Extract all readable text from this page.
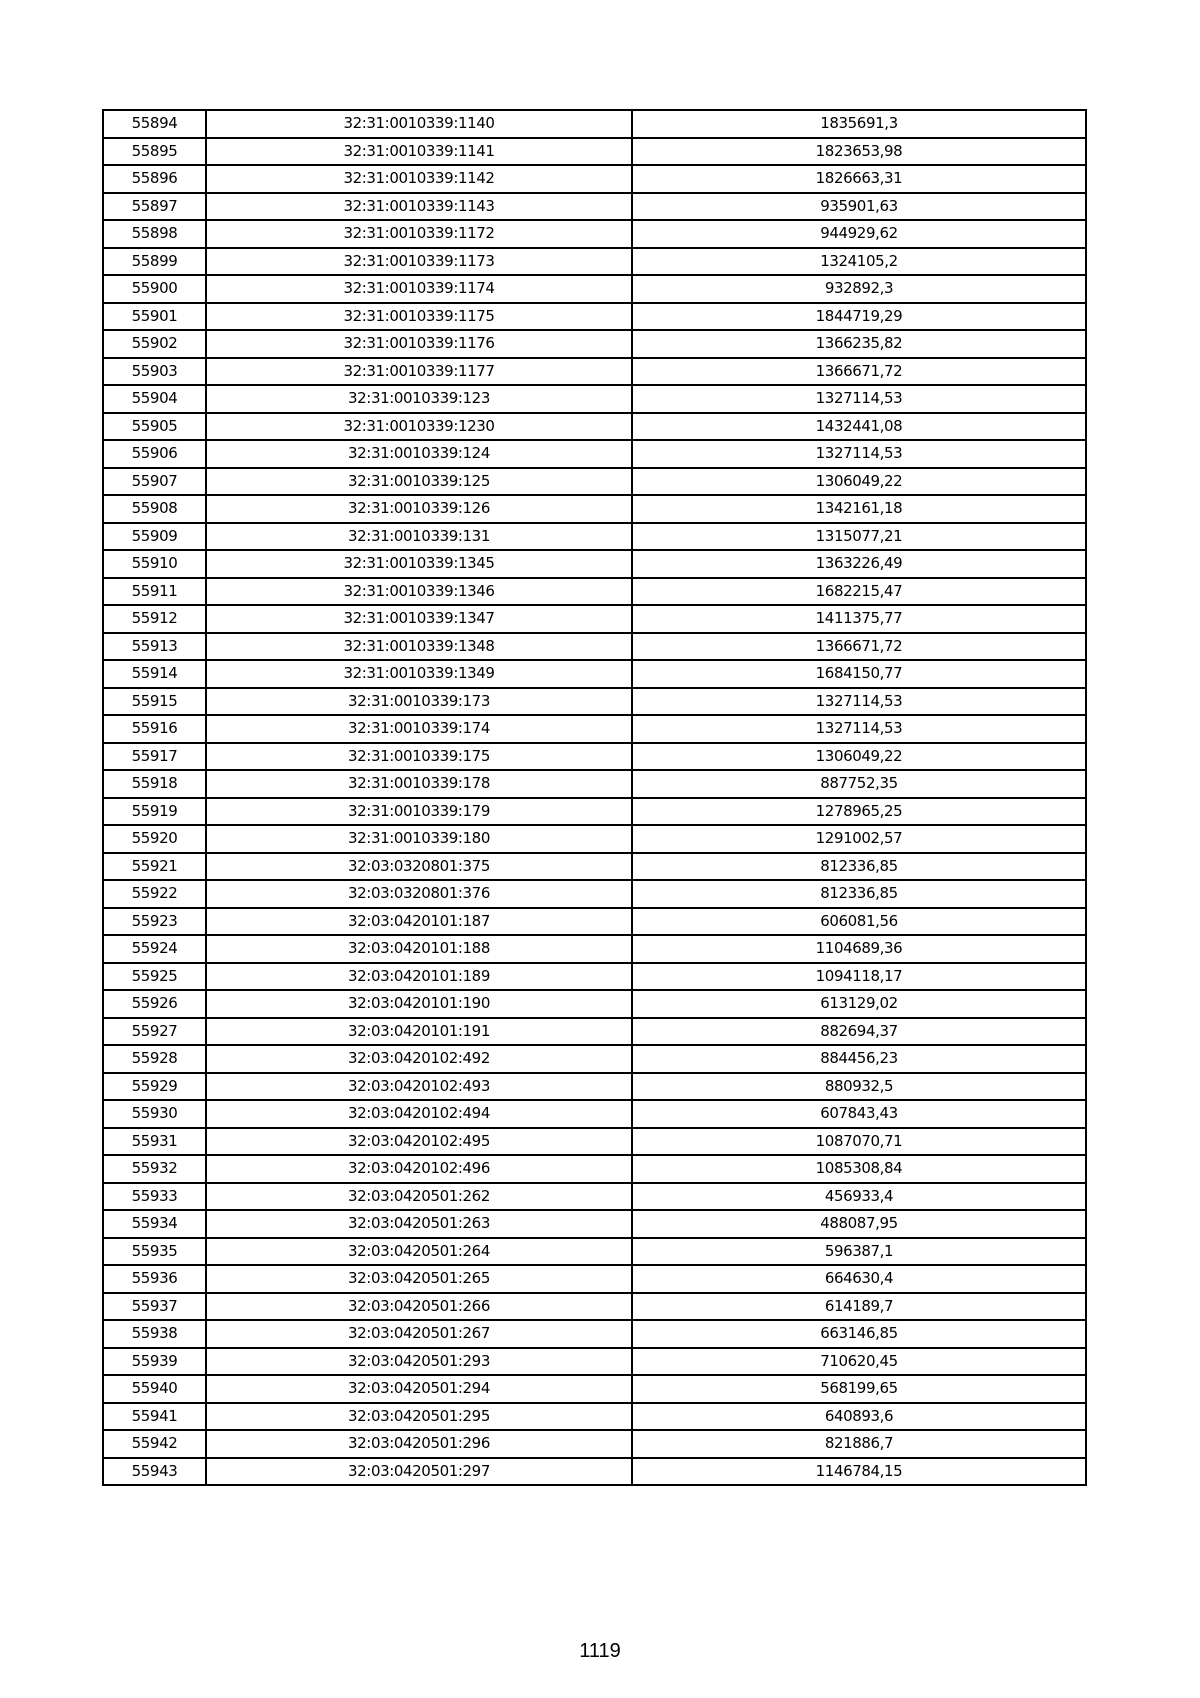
55894	32:31:0010339:1140	1835691,3
55895	32:31:0010339:1141	1823653,98
55896	32:31:0010339:1142	1826663,31
55897	32:31:0010339:1143	935901,63
55898	32:31:0010339:1172	944929,62
55899	32:31:0010339:1173	1324105,2
55900	32:31:0010339:1174	932892,3
55901	32:31:0010339:1175	1844719,29
55902	32:31:0010339:1176	1366235,82
55903	32:31:0010339:1177	1366671,72
55904	32:31:0010339:123	1327114,53
55905	32:31:0010339:1230	1432441,08
55906	32:31:0010339:124	1327114,53
55907	32:31:0010339:125	1306049,22
55908	32:31:0010339:126	1342161,18
55909	32:31:0010339:131	1315077,21
55910	32:31:0010339:1345	1363226,49
55911	32:31:0010339:1346	1682215,47
55912	32:31:0010339:1347	1411375,77
55913	32:31:0010339:1348	1366671,72
55914	32:31:0010339:1349	1684150,77
55915	32:31:0010339:173	1327114,53
55916	32:31:0010339:174	1327114,53
55917	32:31:0010339:175	1306049,22
55918	32:31:0010339:178	887752,35
55919	32:31:0010339:179	1278965,25
55920	32:31:0010339:180	1291002,57
55921	32:03:0320801:375	812336,85
55922	32:03:0320801:376	812336,85
55923	32:03:0420101:187	606081,56
55924	32:03:0420101:188	1104689,36
55925	32:03:0420101:189	1094118,17
55926	32:03:0420101:190	613129,02
55927	32:03:0420101:191	882694,37
55928	32:03:0420102:492	884456,23
55929	32:03:0420102:493	880932,5
55930	32:03:0420102:494	607843,43
55931	32:03:0420102:495	1087070,71
55932	32:03:0420102:496	1085308,84
55933	32:03:0420501:262	456933,4
55934	32:03:0420501:263	488087,95
55935	32:03:0420501:264	596387,1
55936	32:03:0420501:265	664630,4
55937	32:03:0420501:266	614189,7
55938	32:03:0420501:267	663146,85
55939	32:03:0420501:293	710620,45
55940	32:03:0420501:294	568199,65
55941	32:03:0420501:295	640893,6
55942	32:03:0420501:296	821886,7
55943	32:03:0420501:297	1146784,15
1119
